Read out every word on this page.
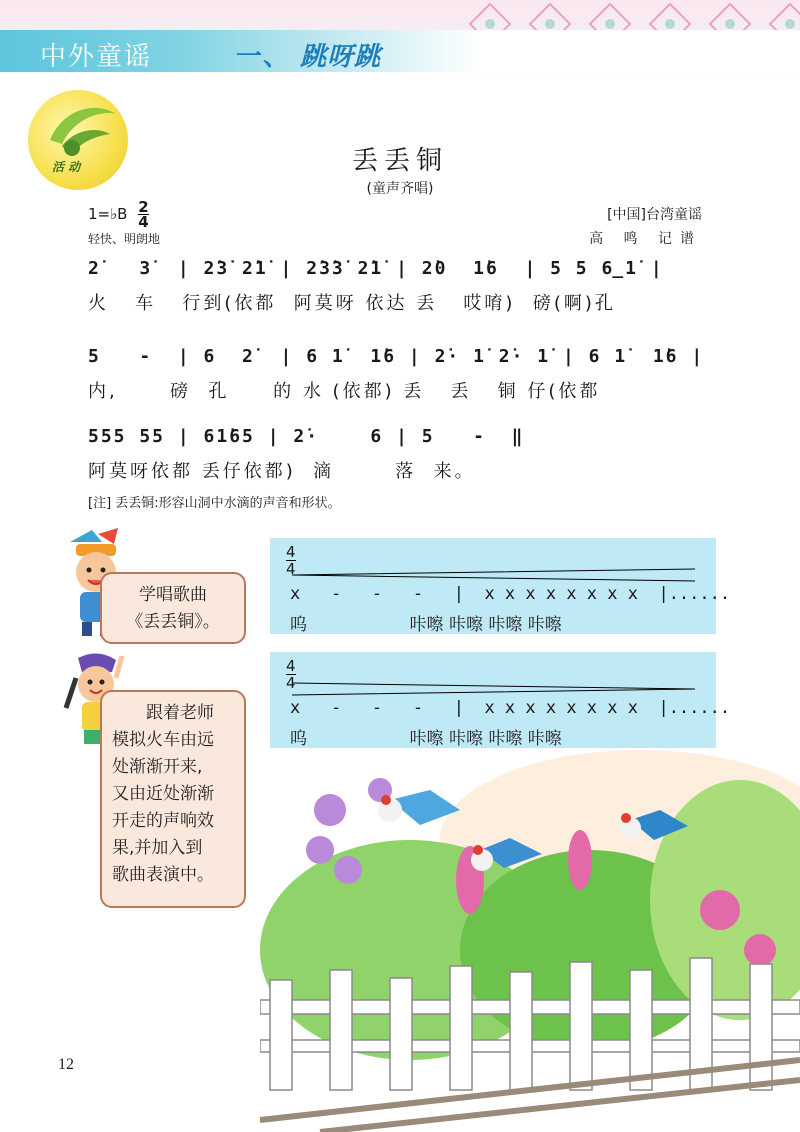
中外童谣	一、 跳呀跳
活 动	丢丢铜
(童声齐唱)
1=♭B $\frac{2}{4}$
轻快、明朗地
[中国]台湾童谣
高 鸣 记谱
2̇   3̇  | 2̇3̇ 2̇1̇ | 2̇3̇3̇ 2̇1̇ | 2̇0  1̇6  | 5 5 6̲1̇ |
火   车   行到(依都  阿莫呀 依达 丢   哎唷)  磅(啊)孔
5   -  | 6  2̇  | 6 1̇  1̇6 | 2̇· 1̇ 2̇· 1̇ | 6 1̇  1̇6 |
内,      磅  孔     的 水 (依都) 丢   丢   铜 仔(依都
555 55 | 61̇65 | 2̇·    6 | 5   -  ‖
阿莫呀依都 丢仔依都)  滴       落  来。
[注] 丢丢铜:形容山洞中水滴的声音和形状。
学唱歌曲
《丢丢铜》。
跟着老师
模拟火车由远
处渐渐开来,
又由近处渐渐
开走的声响效
果,并加入到
歌曲表演中。
4
4
x   -   -   -   |  x x x x x x x x  |......
呜                   咔嚓 咔嚓 咔嚓 咔嚓
4
4
x   -   -   -   |  x x x x x x x x  |......
呜                   咔嚓 咔嚓 咔嚓 咔嚓
12
